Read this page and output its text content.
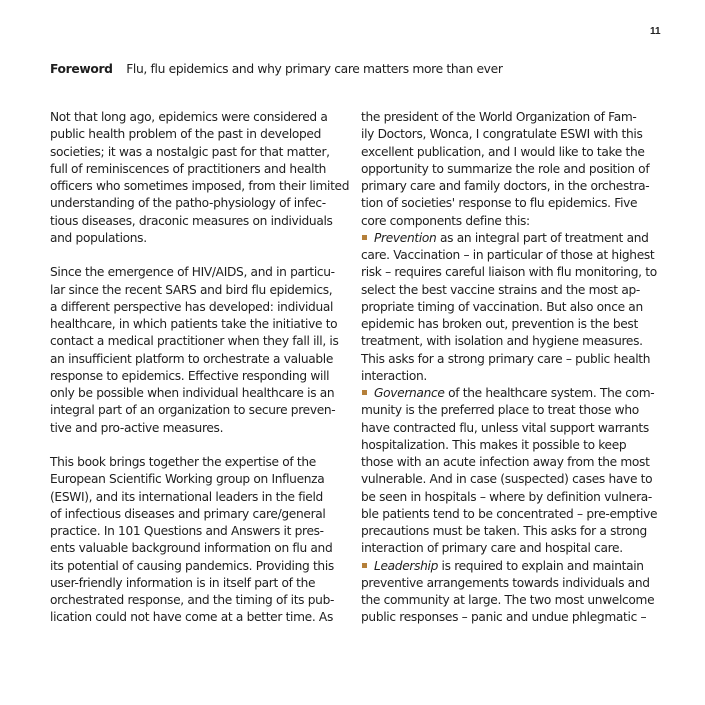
11
Foreword Flu, flu epidemics and why primary care matters more than ever
Not that long ago, epidemics were considered a
public health problem of the past in developed
societies; it was a nostalgic past for that matter,
full of reminiscences of practitioners and health
officers who sometimes imposed, from their limited
understanding of the patho-physiology of infec-
tious diseases, draconic measures on individuals
and populations.
Since the emergence of HIV/AIDS, and in particu-
lar since the recent SARS and bird flu epidemics,
a different perspective has developed: individual
healthcare, in which patients take the initiative to
contact a medical practitioner when they fall ill, is
an insufficient platform to orchestrate a valuable
response to epidemics. Effective responding will
only be possible when individual healthcare is an
integral part of an organization to secure preven-
tive and pro-active measures.
This book brings together the expertise of the
European Scientific Working group on Influenza
(ESWI), and its international leaders in the field
of infectious diseases and primary care/general
practice. In 101 Questions and Answers it pres-
ents valuable background information on flu and
its potential of causing pandemics. Providing this
user-friendly information is in itself part of the
orchestrated response, and the timing of its pub-
lication could not have come at a better time. As
the president of the World Organization of Fam-
ily Doctors, Wonca, I congratulate ESWI with this
excellent publication, and I would like to take the
opportunity to summarize the role and position of
primary care and family doctors, in the orchestra-
tion of societies' response to flu epidemics. Five
core components define this:
Prevention as an integral part of treatment and
care. Vaccination – in particular of those at highest
risk – requires careful liaison with flu monitoring, to
select the best vaccine strains and the most ap-
propriate timing of vaccination. But also once an
epidemic has broken out, prevention is the best
treatment, with isolation and hygiene measures.
This asks for a strong primary care – public health
interaction.
Governance of the healthcare system. The com-
munity is the preferred place to treat those who
have contracted flu, unless vital support warrants
hospitalization. This makes it possible to keep
those with an acute infection away from the most
vulnerable. And in case (suspected) cases have to
be seen in hospitals – where by definition vulnera-
ble patients tend to be concentrated – pre-emptive
precautions must be taken. This asks for a strong
interaction of primary care and hospital care.
Leadership is required to explain and maintain
preventive arrangements towards individuals and
the community at large. The two most unwelcome
public responses – panic and undue phlegmatic –
